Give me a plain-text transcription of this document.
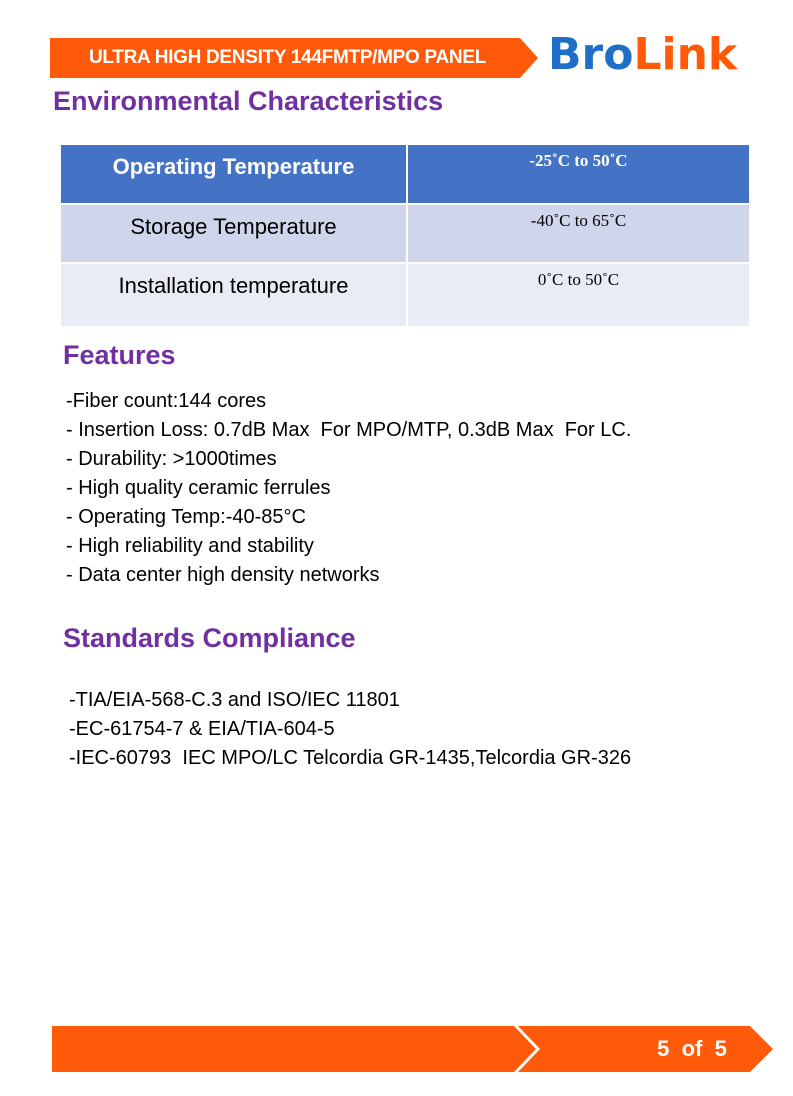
ULTRA HIGH DENSITY 144FMTP/MPO PANEL	BroLink
Environmental Characteristics
Operating Temperature	-25˚C to 50˚C
Storage Temperature	-40˚C to 65˚C
Installation temperature	0˚C to 50˚C
Features
-Fiber count:144 cores
- Insertion Loss: 0.7dB Max  For MPO/MTP, 0.3dB Max  For LC.
- Durability: >1000times
- High quality ceramic ferrules
- Operating Temp:-40-85°C
- High reliability and stability
- Data center high density networks
Standards Compliance
-TIA/EIA-568-C.3 and ISO/IEC 11801
-EC-61754-7 & EIA/TIA-604-5
-IEC-60793  IEC MPO/LC Telcordia GR-1435,Telcordia GR-326
5  of  5
